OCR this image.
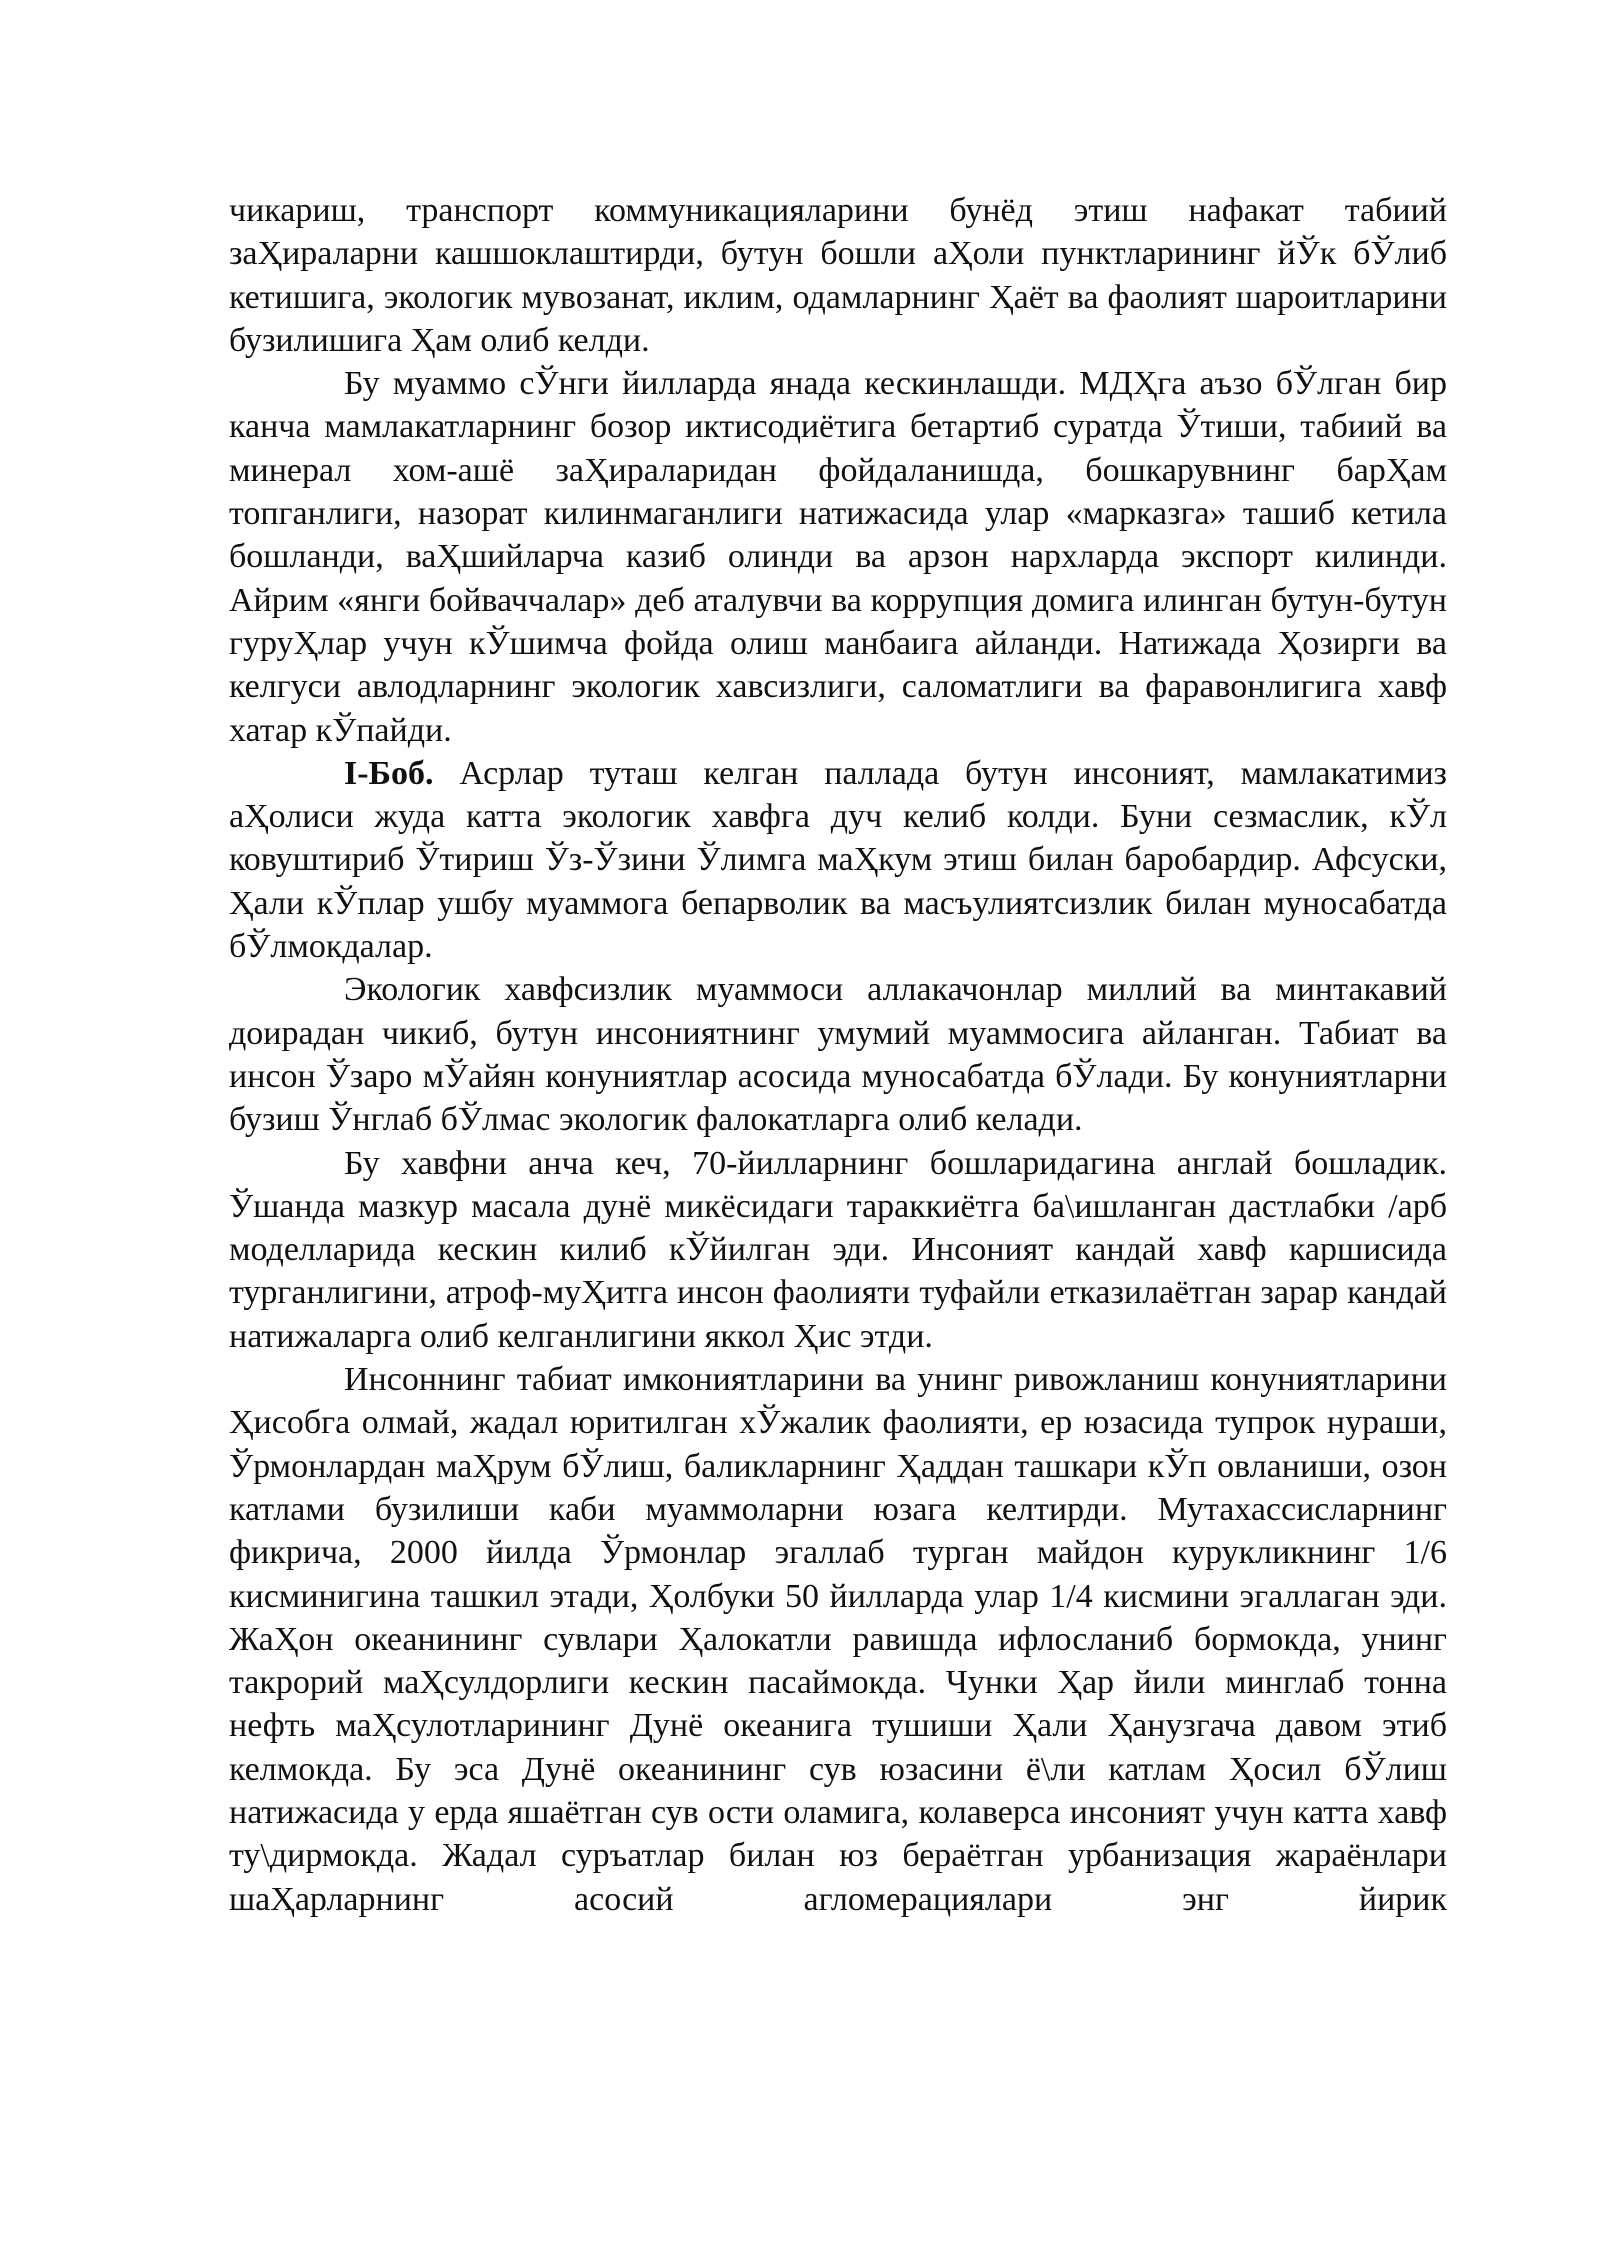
чикариш, транспорт коммуникацияларини бунёд этиш нафакат табиий заҲираларни кашшоклаштирди, бутун бошли аҲоли пунктларининг йЎк бЎлиб кетишига, экологик мувозанат, иклим, одамларнинг Ҳаёт ва фаолият шароитларини бузилишига Ҳам олиб келди.

Бу муаммо сЎнги йилларда янада кескинлашди. МДҲга аъзо бЎлган бир канча мамлакатларнинг бозор иктисодиётига бетартиб суратда Ўтиши, табиий ва минерал хом-ашё заҲираларидан фойдаланишда, бошкарувнинг барҲам топганлиги, назорат килинмаганлиги натижасида улар «марказга» ташиб кетила бошланди, ваҲшийларча казиб олинди ва арзон нархларда экспорт килинди. Айрим «янги бойваччалар» деб аталувчи ва коррупция домига илинган бутун-бутун гуруҲлар учун кЎшимча фойда олиш манбаига айланди. Натижада Ҳозирги ва келгуси авлодларнинг экологик хавсизлиги, саломатлиги ва фаравонлигига хавф хатар кЎпайди.

I-Боб. Асрлар туташ келган паллада бутун инсоният, мамлакатимиз аҲолиси жуда катта экологик хавфга дуч келиб колди. Буни сезмаслик, кЎл ковуштириб Ўтириш Ўз-Ўзини Ўлимга маҲкум этиш билан баробардир. Афсуски, Ҳали кЎплар ушбу муаммога бепарволик ва масъулиятсизлик билан муносабатда бЎлмокдалар.

Экологик хавфсизлик муаммоси аллакачонлар миллий ва минтакавий доирадан чикиб, бутун инсониятнинг умумий муаммосига айланган. Табиат ва инсон Ўзаро мЎайян конуниятлар асосида муносабатда бЎлади. Бу конуниятларни бузиш Ўнглаб бЎлмас экологик фалокатларга олиб келади.

Бу хавфни анча кеч, 70-йилларнинг бошларидагина англай бошладик. Ўшанда мазкур масала дунё микёсидаги тараккиётга ба\ишланган дастлабки /арб моделларида кескин килиб кЎйилган эди. Инсоният кандай хавф каршисида турганлигини, атроф-муҲитга инсон фаолияти туфайли етказилаётган зарар кандай натижаларга олиб келганлигини яккол Ҳис этди.

Инсоннинг табиат имкониятларини ва унинг ривожланиш конуниятларини Ҳисобга олмай, жадал юритилган хЎжалик фаолияти, ер юзасида тупрок нураши, Ўрмонлардан маҲрум бЎлиш, баликларнинг Ҳаддан ташкари кЎп овланиши, озон катлами бузилиши каби муаммоларни юзага келтирди. Мутахассисларнинг фикрича, 2000 йилда Ўрмонлар эгаллаб турган майдон курукликнинг 1/6 кисминигина ташкил этади, Ҳолбуки 50 йилларда улар 1/4 кисмини эгаллаган эди. ЖаҲон океанининг сувлари Ҳалокатли равишда ифлосланиб бормокда, унинг такрорий маҲсулдорлиги кескин пасаймокда. Чунки Ҳар йили минглаб тонна нефть маҲсулотларининг Дунё океанига тушиши Ҳали Ҳанузгача давом этиб келмокда. Бу эса Дунё океанининг сув юзасини ё\ли катлам Ҳосил бЎлиш натижасида у ерда яшаётган сув ости оламига, колаверса инсоният учун катта хавф ту\дирмокда. Жадал суръатлар билан юз бераётган урбанизация жараёнлари шаҲарларнинг асосий агломерациялари энг йирик
